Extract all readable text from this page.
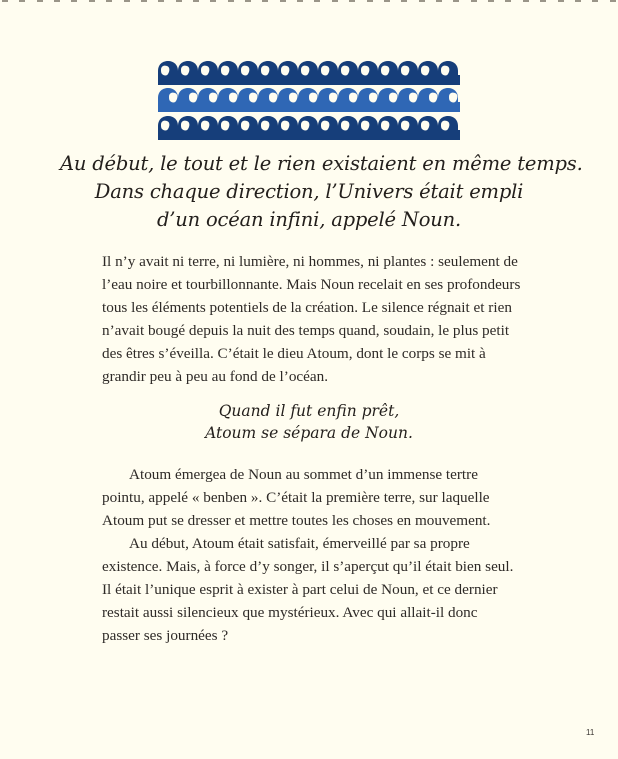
Au début, le tout et le rien existaient en même temps.
Dans chaque direction, l’Univers était empli
d’un océan infini, appelé Noun.
Il n’y avait ni terre, ni lumière, ni hommes, ni plantes : seulement de
l’eau noire et tourbillonnante. Mais Noun recelait en ses profondeurs
tous les éléments potentiels de la création. Le silence régnait et rien
n’avait bougé depuis la nuit des temps quand, soudain, le plus petit
des êtres s’éveilla. C’était le dieu Atoum, dont le corps se mit à
grandir peu à peu au fond de l’océan.
Quand il fut enfin prêt,
Atoum se sépara de Noun.
Atoum émergea de Noun au sommet d’un immense tertre
pointu, appelé « benben ». C’était la première terre, sur laquelle
Atoum put se dresser et mettre toutes les choses en mouvement.
Au début, Atoum était satisfait, émerveillé par sa propre
existence. Mais, à force d’y songer, il s’aperçut qu’il était bien seul.
Il était l’unique esprit à exister à part celui de Noun, et ce dernier
restait aussi silencieux que mystérieux. Avec qui allait-il donc
passer ses journées ?
11
